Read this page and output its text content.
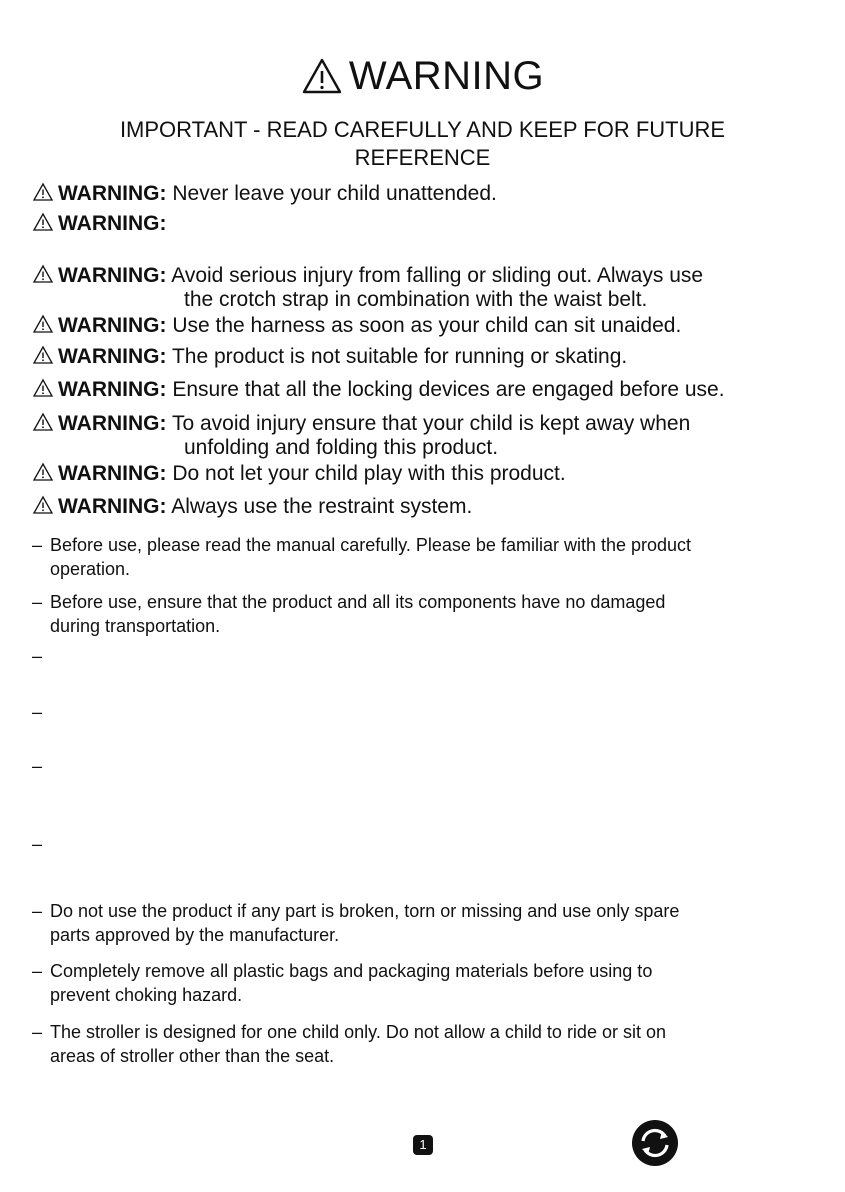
WARNING
IMPORTANT - READ CAREFULLY AND KEEP FOR FUTURE REFERENCE
WARNING: Never leave your child unattended.
WARNING:
WARNING: Avoid serious injury from falling or sliding out. Always use
the crotch strap in combination with the waist belt.
WARNING: Use the harness as soon as your child can sit unaided.
WARNING: The product is not suitable for running or skating.
WARNING: Ensure that all the locking devices are engaged before use.
WARNING: To avoid injury ensure that your child is kept away when
unfolding and folding this product.
WARNING: Do not let your child play with this product.
WARNING: Always use the restraint system.
– Before use, please read the manual carefully. Please be familiar with the product
operation.
– Before use, ensure that the product and all its components have no damaged
during transportation.
–
–
–
–
– Do not use the product if any part is broken, torn or missing and use only spare
parts approved by the manufacturer.
– Completely remove all plastic bags and packaging materials before using to
prevent choking hazard.
– The stroller is designed for one child only. Do not allow a child to ride or sit on
areas of stroller other than the seat.
1
